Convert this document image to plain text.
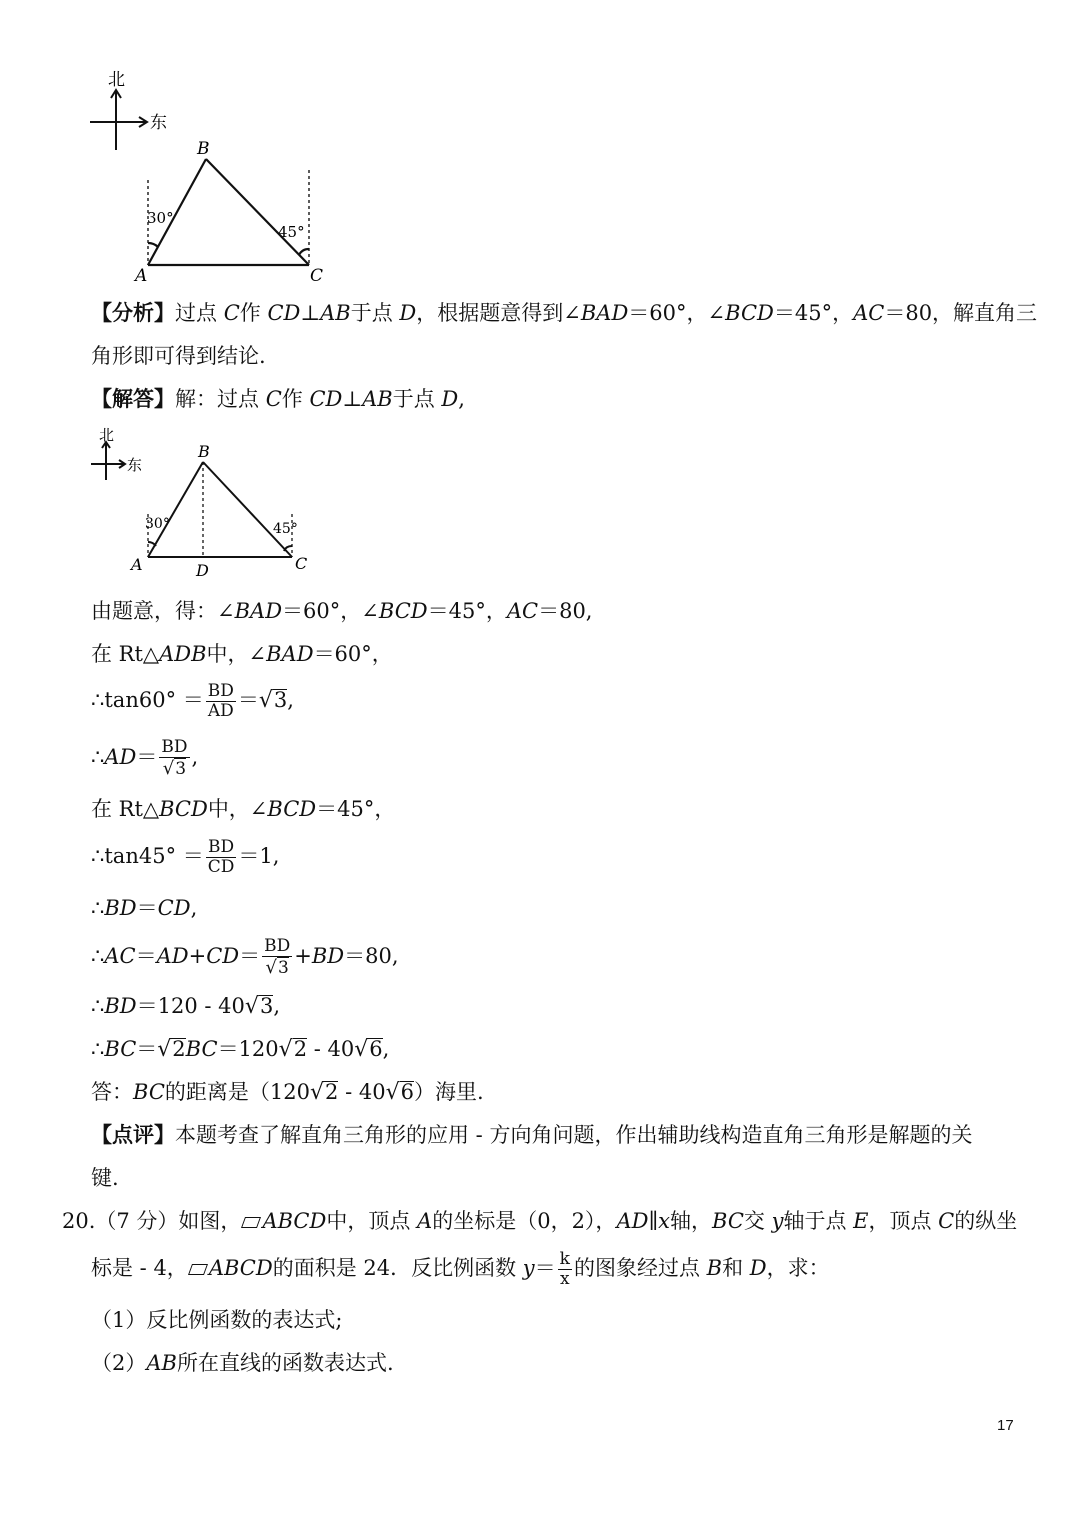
北
东
B
A	C
30°
45°
【分析】过点 C作 CD⊥AB于点 D，根据题意得到∠BAD＝60°，∠BCD＝45°，AC＝80，解直角三
角形即可得到结论.
【解答】解：过点 C作 CD⊥AB于点 D,
北
东
B
A	C
D
30°	45°
由题意，得：∠BAD＝60°，∠BCD＝45°，AC＝80,
在 Rt△ADB中，∠BAD＝60°，
∴tan60° ＝ $\frac{BD}{AD} =√3$,
∴AD＝ $\frac{BD}{√3}$ ,
在 Rt△BCD中，∠BCD＝45°，
∴tan45° ＝ $\frac{BD}{CD} =1$,
∴BD＝CD,
∴AC＝AD+CD＝ $\frac{BD}{√3} +BD=80$,
∴BD＝120 - 40√3,
∴BC＝√2BC＝120√2 - 40√6,
答：BC的距离是（120√2 - 40√6）海里.
【点评】本题考查了解直角三角形的应用 - 方向角问题，作出辅助线构造直角三角形是解题的关
键.
20.（7 分）如图， ABCD中，顶点 A的坐标是（0，2），AD∥x轴，BC交 y轴于点 E，顶点 C的纵坐
标是 - 4， ABCD的面积是 24．反比例函数 $y= \frac{k}{x}$ 的图象经过点 B和 D，求：
（1）反比例函数的表达式;
（2）AB所在直线的函数表达式.
17
